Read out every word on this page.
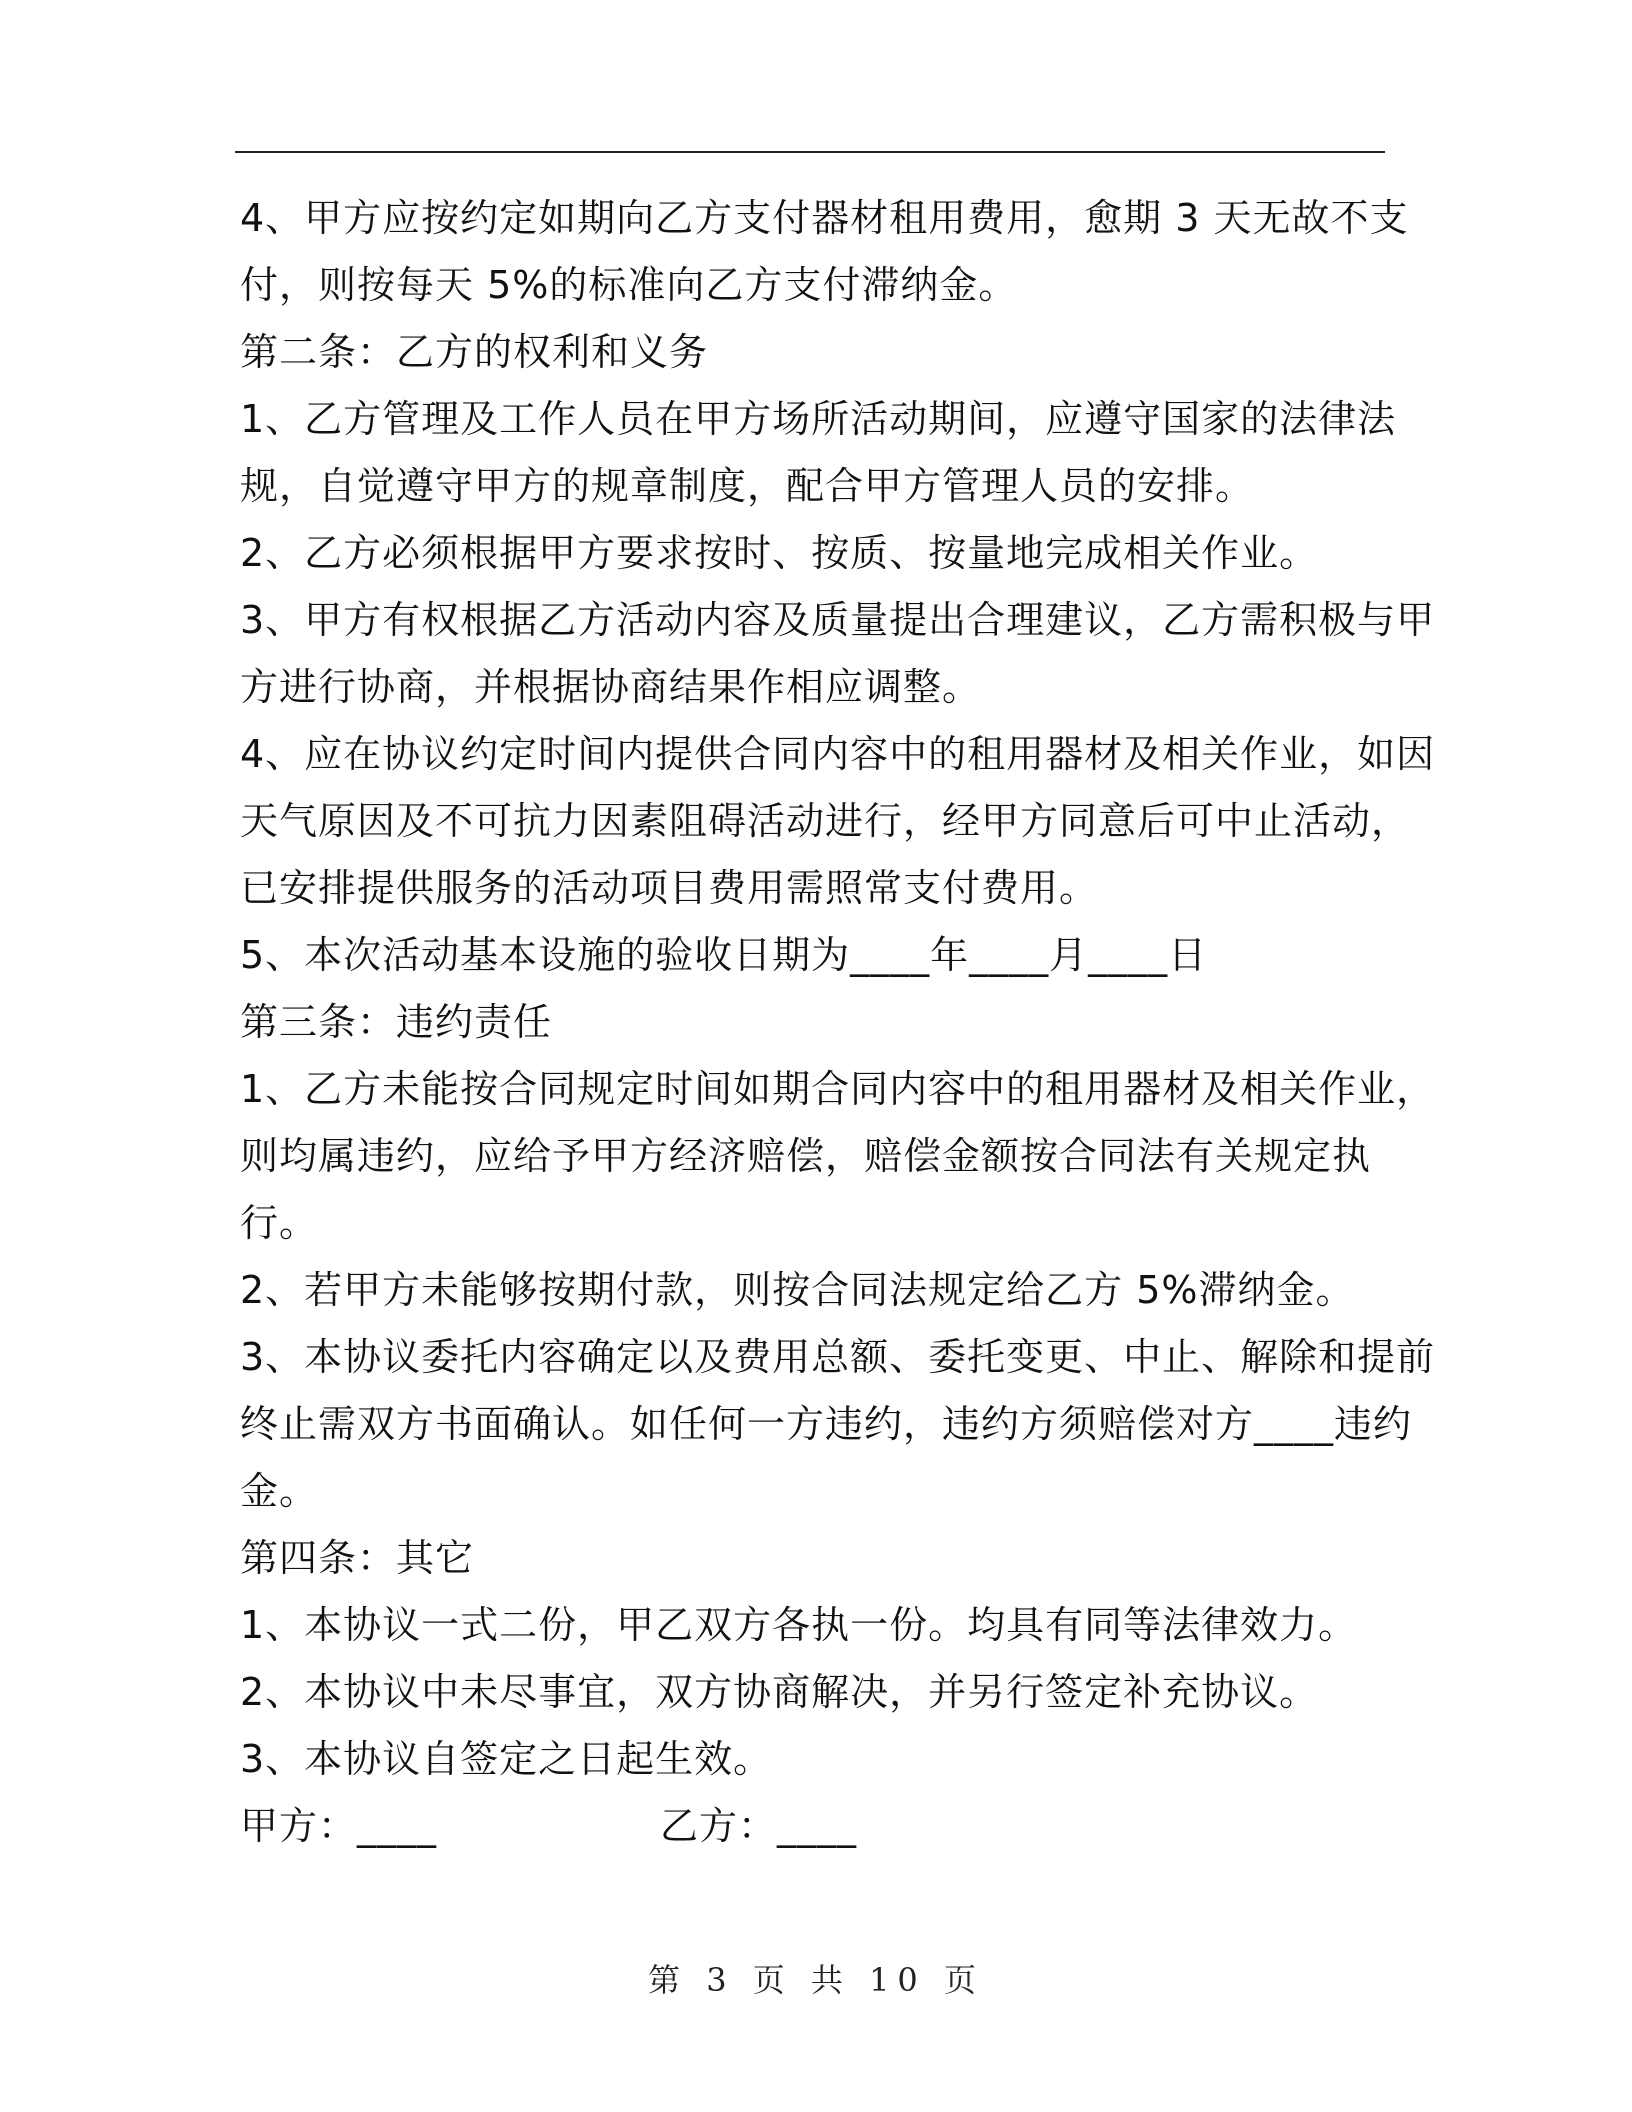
4、甲方应按约定如期向乙方支付器材租用费用，愈期 3 天无故不支
付，则按每天 5%的标准向乙方支付滞纳金。
第二条：乙方的权利和义务
1、乙方管理及工作人员在甲方场所活动期间，应遵守国家的法律法
规，自觉遵守甲方的规章制度，配合甲方管理人员的安排。
2、乙方必须根据甲方要求按时、按质、按量地完成相关作业。
3、甲方有权根据乙方活动内容及质量提出合理建议，乙方需积极与甲
方进行协商，并根据协商结果作相应调整。
4、应在协议约定时间内提供合同内容中的租用器材及相关作业，如因
天气原因及不可抗力因素阻碍活动进行，经甲方同意后可中止活动，
已安排提供服务的活动项目费用需照常支付费用。
5、本次活动基本设施的验收日期为____年____月____日
第三条：违约责任
1、乙方未能按合同规定时间如期合同内容中的租用器材及相关作业，
则均属违约，应给予甲方经济赔偿，赔偿金额按合同法有关规定执
行。
2、若甲方未能够按期付款，则按合同法规定给乙方 5%滞纳金。
3、本协议委托内容确定以及费用总额、委托变更、中止、解除和提前
终止需双方书面确认。如任何一方违约，违约方须赔偿对方____违约
金。
第四条：其它
1、本协议一式二份，甲乙双方各执一份。均具有同等法律效力。
2、本协议中未尽事宜，双方协商解决，并另行签定补充协议。
3、本协议自签定之日起生效。
甲方：____	乙方：____
第 3 页 共 10 页
